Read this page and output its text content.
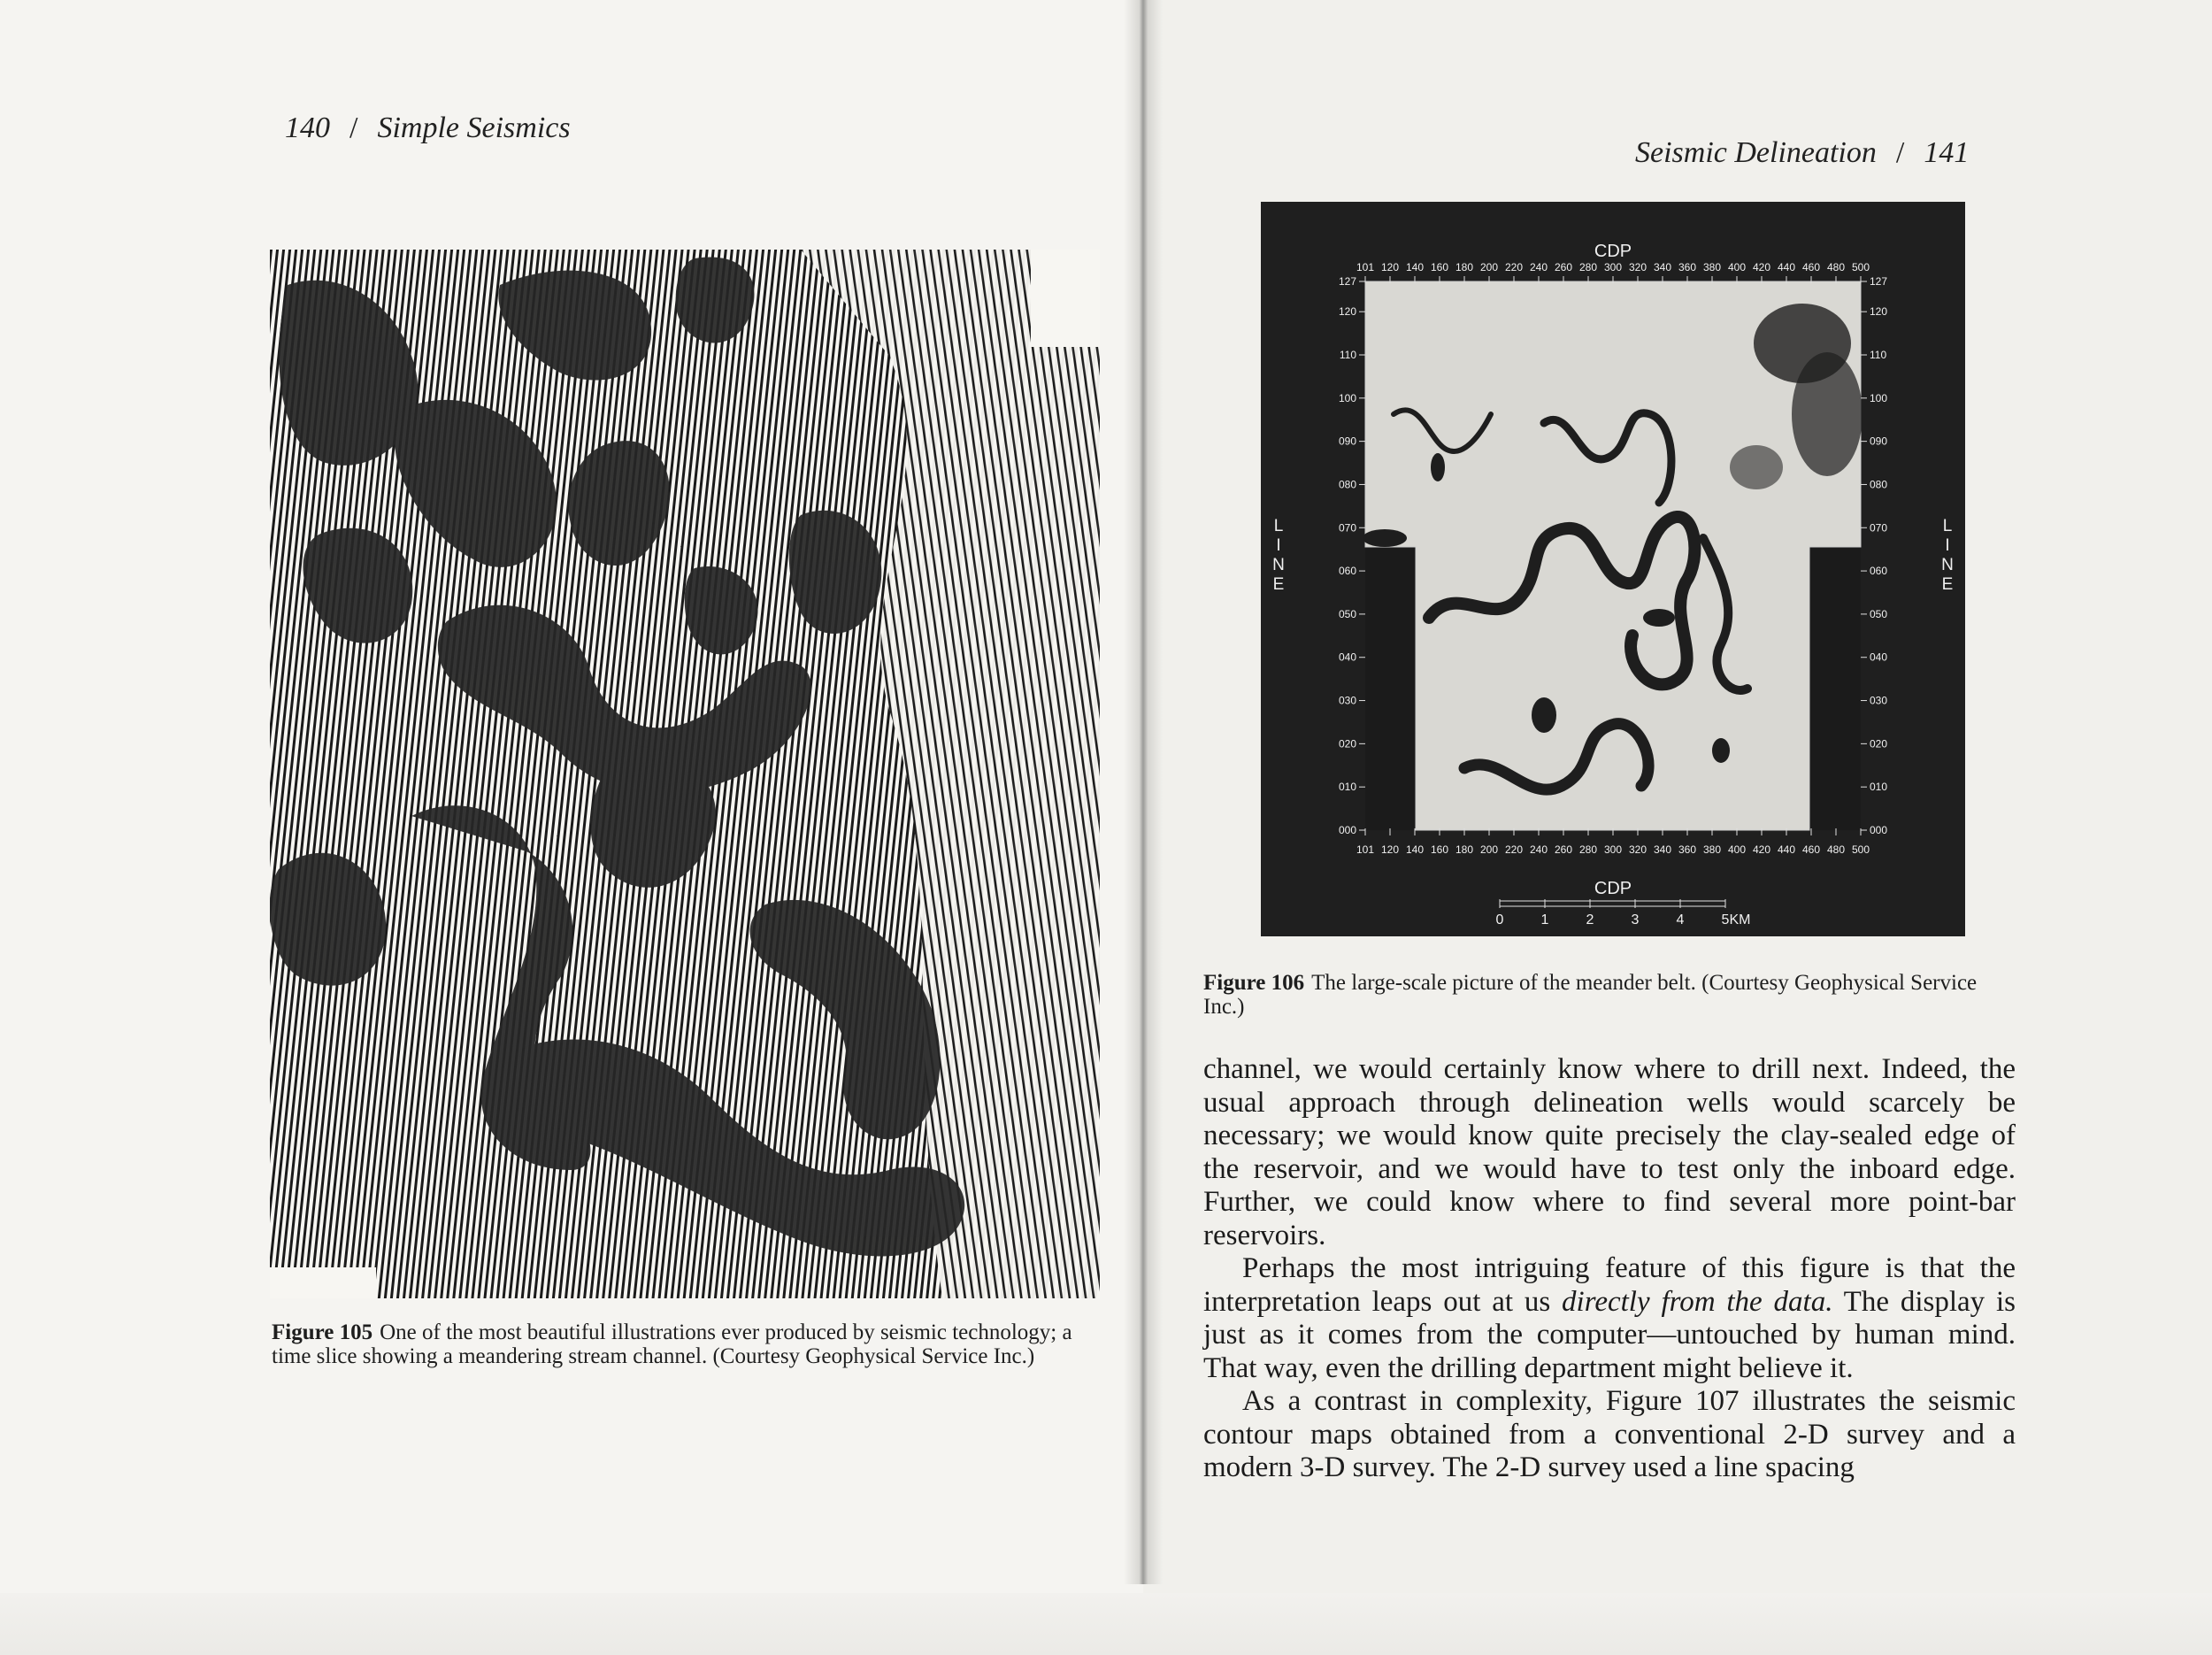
140 / Simple Seismics
Seismic Delineation / 141
Figure 105 One of the most beautiful illustrations ever produced by seismic technology; a time slice showing a meandering stream channel. (Courtesy Geophysical Service Inc.)
CDP
CDP
101 120 140 160 180 200 220 240 260 280 300 320 340 360 380 400 420 440 460 480 500
101 120 140 160 180 200 220 240 260 280 300 320 340 360 380 400 420 440 460 480 500
127
120
110
100
090
080
070
060
050
040
030
020
010
000
127
120
110
100
090
080
070
060
050
040
030
020
010
000
L	L
I	I
N	N
E	E
0	1	2	3	4	5KM
Figure 106 The large-scale picture of the meander belt. (Courtesy Geophysical Service Inc.)

channel, we would certainly know where to drill next. Indeed, the usual approach through delineation wells would scarcely be necessary; we would know quite precisely the clay-sealed edge of the reservoir, and we would have to test only the inboard edge. Further, we could know where to find several more point-bar reservoirs.

Perhaps the most intriguing feature of this figure is that the interpretation leaps out at us directly from the data. The display is just as it comes from the computer—untouched by human mind. That way, even the drilling department might believe it.

As a contrast in complexity, Figure 107 illustrates the seismic contour maps obtained from a conventional 2-D survey and a modern 3-D survey. The 2-D survey used a line spacing
